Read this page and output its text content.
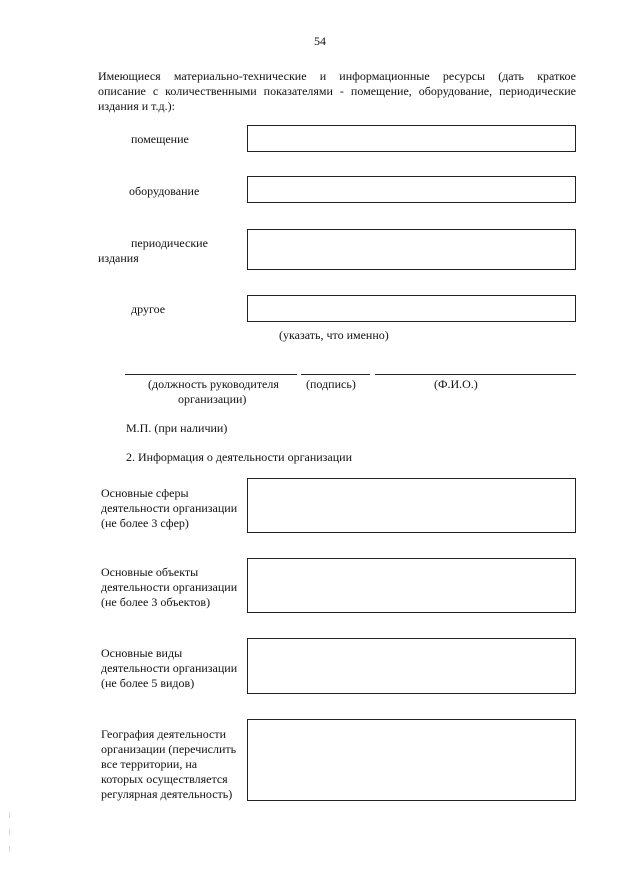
54
Имеющиеся материально-технические и информационные ресурсы (дать краткое
описание с количественными показателями - помещение, оборудование, периодические
издания и т.д.):
помещение
оборудование
периодические
издания
другое
(указать, что именно)
(должность руководителя
организации)
(подпись)	(Ф.И.О.)
М.П. (при наличии)
2. Информация о деятельности организации
Основные сферы
деятельности организации
(не более 3 сфер)
Основные объекты
деятельности организации
(не более 3 объектов)
Основные виды
деятельности организации
(не более 5 видов)
География деятельности
организации (перечислить
все территории, на
которых осуществляется
регулярная деятельность)
